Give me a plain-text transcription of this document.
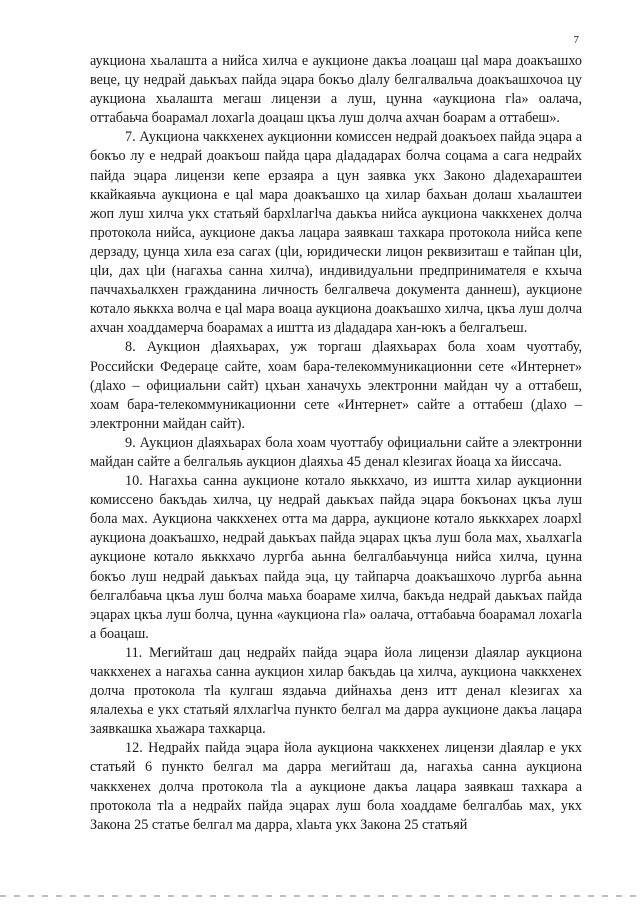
7

аукциона хьалашта а нийса хилча е аукционе дакъа лоацаш цаl мара доакъашхо веце, цу недрай даькъах пайда эцара бокъо дlалу белгалвальча доакъашхочоа цу аукциона хьалашта мегаш лицензи а луш, цунна «аукциона гlа» оалача, оттабаьча боарамал лохагlа доацаш цкъа луш долча ахчан боарам а оттабеш».

7. Аукциона чаккхенех аукционни комиссен недрай доакъоех пайда эцара а бокъо лу е недрай доакъош пайда цара дlададарах болча соцама а сага недрайх пайда эцара лицензи кепе ерзаяра а цун заявка укх Законо дlадехараштеи ккайкаяьча аукциона е цаl мара доакъашхо ца хилар бахьан долаш хьалаштеи жоп луш хилча укх статьяй бархlлагlча даькъа нийса аукциона чаккхенех долча протокола нийса, аукционе дакъа лацара заявкаш тахкара протокола нийса кепе дерзаду, цунца хила еза сагах (цlи, юридически лицон реквизиташ е тайпан цlи, цlи, дах цlи (нагахьа санна хилча), индивидуальни предпринимателя е кхыча паччахьалкхен гражданина личность белгалвеча документа даннеш), аукционе котало яьккха волча е цаl мара воаца аукциона доакъашхо хилча, цкъа луш долча ахчан хоаддамерча боарамах а иштта из дlададара хан-юкъ а белгалъеш.

8. Аукцион дlаяхьарах, уж торгаш дlаяхьарах бола хоам чуоттабу, Российски Федераце сайте, хоам бара-телекоммуникационни сете «Интернет» (дlахо – официальни сайт) цхьан ханачухь электронни майдан чу а оттабеш, хоам бара-телекоммуникационни сете «Интернет» сайте а оттабеш (дlахо – электронни майдан сайт).

9. Аукцион дlаяхьарах бола хоам чуоттабу официальни сайте а электронни майдан сайте а белгальяь аукцион дlаяхьа 45 денал кlезигах йоаца ха йиссача.

10. Нагахьа санна аукционе котало яьккхачо, из иштта хилар аукционни комиссено бакъдаь хилча, цу недрай даькъах пайда эцара бокъонах цкъа луш бола мах. Аукциона чаккхенех отта ма дарра, аукционе котало яьккхарех лоархl аукциона доакъашхо, недрай даькъах пайда эцарах цкъа луш бола мах, хьалхагlа аукционе котало яьккхачо лургба аьнна белгалбаьчунца нийса хилча, цунна бокъо луш недрай даькъах пайда эца, цу тайпарча доакъашхочо лургба аьнна белгалбаьча цкъа луш болча маьха боарамe хилча, бакъда недрай даькъах пайда эцарах цкъа луш болча, цунна «аукциона гlа» оалача, оттабаьча боарамал лохагlа а боацаш.

11. Мегийташ дац недрайх пайда эцара йола лицензи дlаялар аукциона чаккхенех а нагахьа санна аукцион хилар бакъдаь ца хилча, аукциона чаккхенех долча протокола тlа кулгаш яздаьча дийнахьа денз итт денал кlезигах ха ялалехьа е укх статьяй ялхлагlча пункто белгал ма дарра аукционе дакъа лацара заявкашка хьажара тахкарца.

12. Недрайх пайда эцара йола аукциона чаккхенех лицензи дlаялар е укх статьяй 6 пункто белгал ма дарра мегийташ да, нагахьа санна аукциона чаккхенех долча протокола тlа а аукционе дакъа лацара заявкаш тахкара а протокола тlа а недрайх пайда эцарах луш бола хоаддаме белгалбаь мах, укх Закона 25 статье белгал ма дарра, хlаьта укх Закона 25 статьяй
